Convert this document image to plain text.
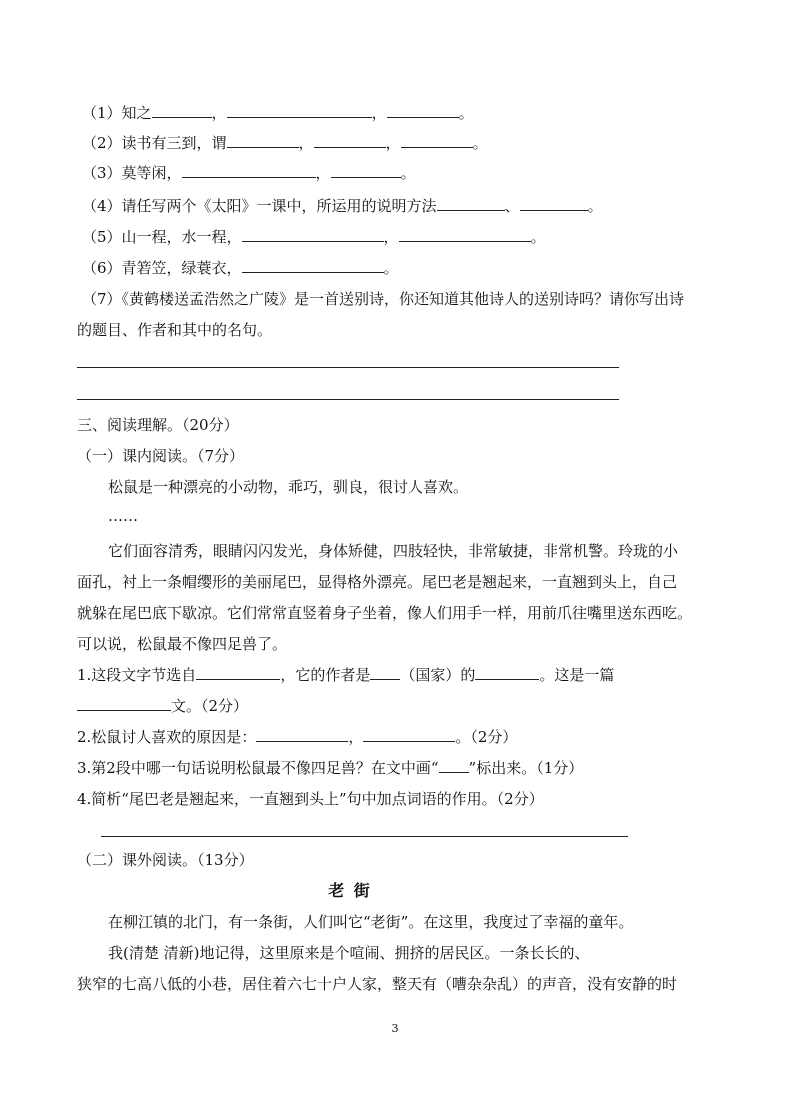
（1）知之	，	，	。
（2）读书有三到，谓	，	，	。
（3）莫等闲，	，	。
（4）请任写两个《太阳》一课中，所运用的说明方法	、	。
（5）山一程，水一程，	，	。
（6）青箬笠，绿蓑衣，	。
（7）《黄鹤楼送孟浩然之广陵》是一首送别诗，你还知道其他诗人的送别诗吗？请你写出诗
的题目、作者和其中的名句。
三、阅读理解。（20分）
（一）课内阅读。（7分）
松鼠是一种漂亮的小动物，乖巧，驯良，很讨人喜欢。
……
它们面容清秀，眼睛闪闪发光，身体矫健，四肢轻快，非常敏捷，非常机警。玲珑的小
面孔，衬上一条帽缨形的美丽尾巴，显得格外漂亮。尾巴老是翘起来，一直翘到头上，自己
就躲在尾巴底下歇凉。它们常常直竖着身子坐着，像人们用手一样，用前爪往嘴里送东西吃。
可以说，松鼠最不像四足兽了。
1.这段文字节选自	，它的作者是 （国家）的	。这是一篇
文。（2分）
2.松鼠讨人喜欢的原因是：	，	。（2分）
3.第2段中哪一句话说明松鼠最不像四足兽？在文中画“ ”标出来。（1分）
4.简析“尾巴老是翘起来，一直翘到头上”句中加点词语的作用。（2分）
（二）课外阅读。（13分）
老 街
在柳江镇的北门，有一条街，人们叫它“老街”。在这里，我度过了幸福的童年。
我(清楚 清新)地记得，这里原来是个喧闹、拥挤的居民区。一条长长的、
狭窄的七高八低的小巷，居住着六七十户人家，整天有（嘈杂杂乱）的声音，没有安静的时
3
